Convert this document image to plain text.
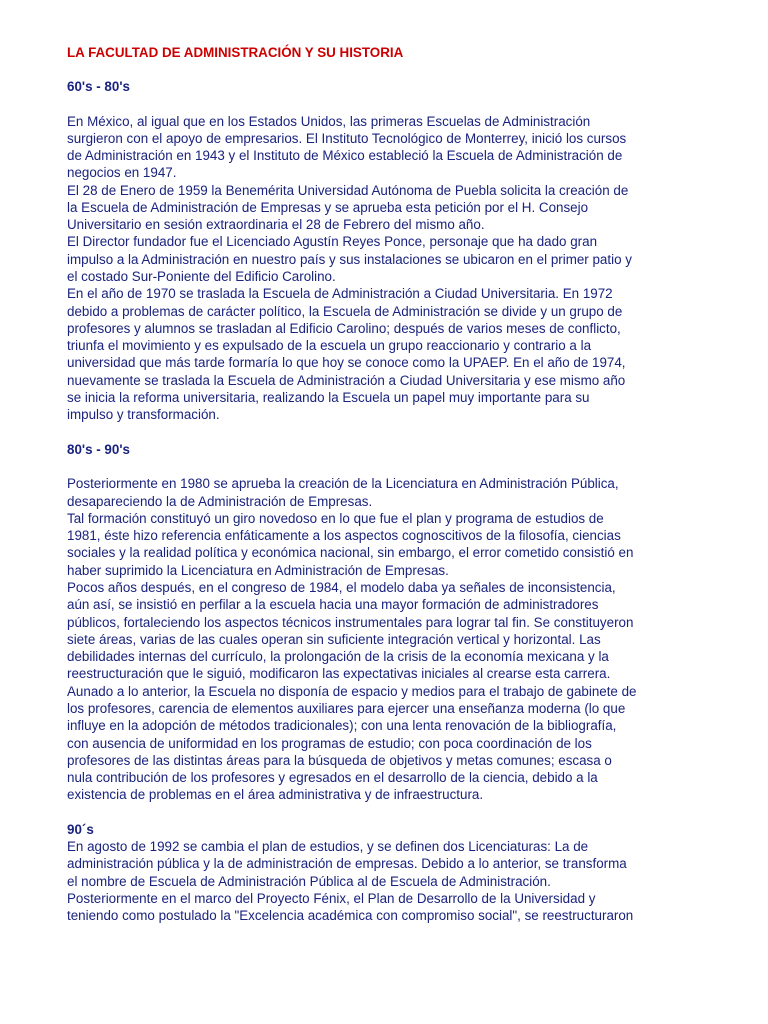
LA FACULTAD DE ADMINISTRACIÓN Y SU HISTORIA
60's - 80's

En México, al igual que en los Estados Unidos, las primeras Escuelas de Administración
surgieron con el apoyo de empresarios. El Instituto Tecnológico de Monterrey, inició los cursos
de Administración en 1943 y el Instituto de México estableció la Escuela de Administración de
negocios en 1947.

El 28 de Enero de 1959 la Benemérita Universidad Autónoma de Puebla solicita la creación de
la Escuela de Administración de Empresas y se aprueba esta petición por el H. Consejo
Universitario en sesión extraordinaria el 28 de Febrero del mismo año.

El Director fundador fue el Licenciado Agustín Reyes Ponce, personaje que ha dado gran
impulso a la Administración en nuestro país y sus instalaciones se ubicaron en el primer patio y
el costado Sur-Poniente del Edificio Carolino.

En el año de 1970 se traslada la Escuela de Administración a Ciudad Universitaria. En 1972
debido a problemas de carácter político, la Escuela de Administración se divide y un grupo de
profesores y alumnos se trasladan al Edificio Carolino; después de varios meses de conflicto,
triunfa el movimiento y es expulsado de la escuela un grupo reaccionario y contrario a la
universidad que más tarde formaría lo que hoy se conoce como la UPAEP. En el año de 1974,
nuevamente se traslada la Escuela de Administración a Ciudad Universitaria y ese mismo año
se inicia la reforma universitaria, realizando la Escuela un papel muy importante para su
impulso y transformación.

80's - 90's

Posteriormente en 1980 se aprueba la creación de la Licenciatura en Administración Pública,
desapareciendo la de Administración de Empresas.

Tal formación constituyó un giro novedoso en lo que fue el plan y programa de estudios de
1981, éste hizo referencia enfáticamente a los aspectos cognoscitivos de la filosofía, ciencias
sociales y la realidad política y económica nacional, sin embargo, el error cometido consistió en
haber suprimido la Licenciatura en Administración de Empresas.

Pocos años después, en el congreso de 1984, el modelo daba ya señales de inconsistencia,
aún así, se insistió en perfilar a la escuela hacia una mayor formación de administradores
públicos, fortaleciendo los aspectos técnicos instrumentales para lograr tal fin. Se constituyeron
siete áreas, varias de las cuales operan sin suficiente integración vertical y horizontal. Las
debilidades internas del currículo, la prolongación de la crisis de la economía mexicana y la
reestructuración que le siguió, modificaron las expectativas iniciales al crearse esta carrera.

Aunado a lo anterior, la Escuela no disponía de espacio y medios para el trabajo de gabinete de
los profesores, carencia de elementos auxiliares para ejercer una enseñanza moderna (lo que
influye en la adopción de métodos tradicionales); con una lenta renovación de la bibliografía,
con ausencia de uniformidad en los programas de estudio; con poca coordinación de los
profesores de las distintas áreas para la búsqueda de objetivos y metas comunes; escasa o
nula contribución de los profesores y egresados en el desarrollo de la ciencia, debido a la
existencia de problemas en el área administrativa y de infraestructura.

90´s

En agosto de 1992 se cambia el plan de estudios, y se definen dos Licenciaturas: La de
administración pública y la de administración de empresas. Debido a lo anterior, se transforma
el nombre de Escuela de Administración Pública al de Escuela de Administración.

Posteriormente en el marco del Proyecto Fénix, el Plan de Desarrollo de la Universidad y
teniendo como postulado la "Excelencia académica con compromiso social", se reestructuraron
